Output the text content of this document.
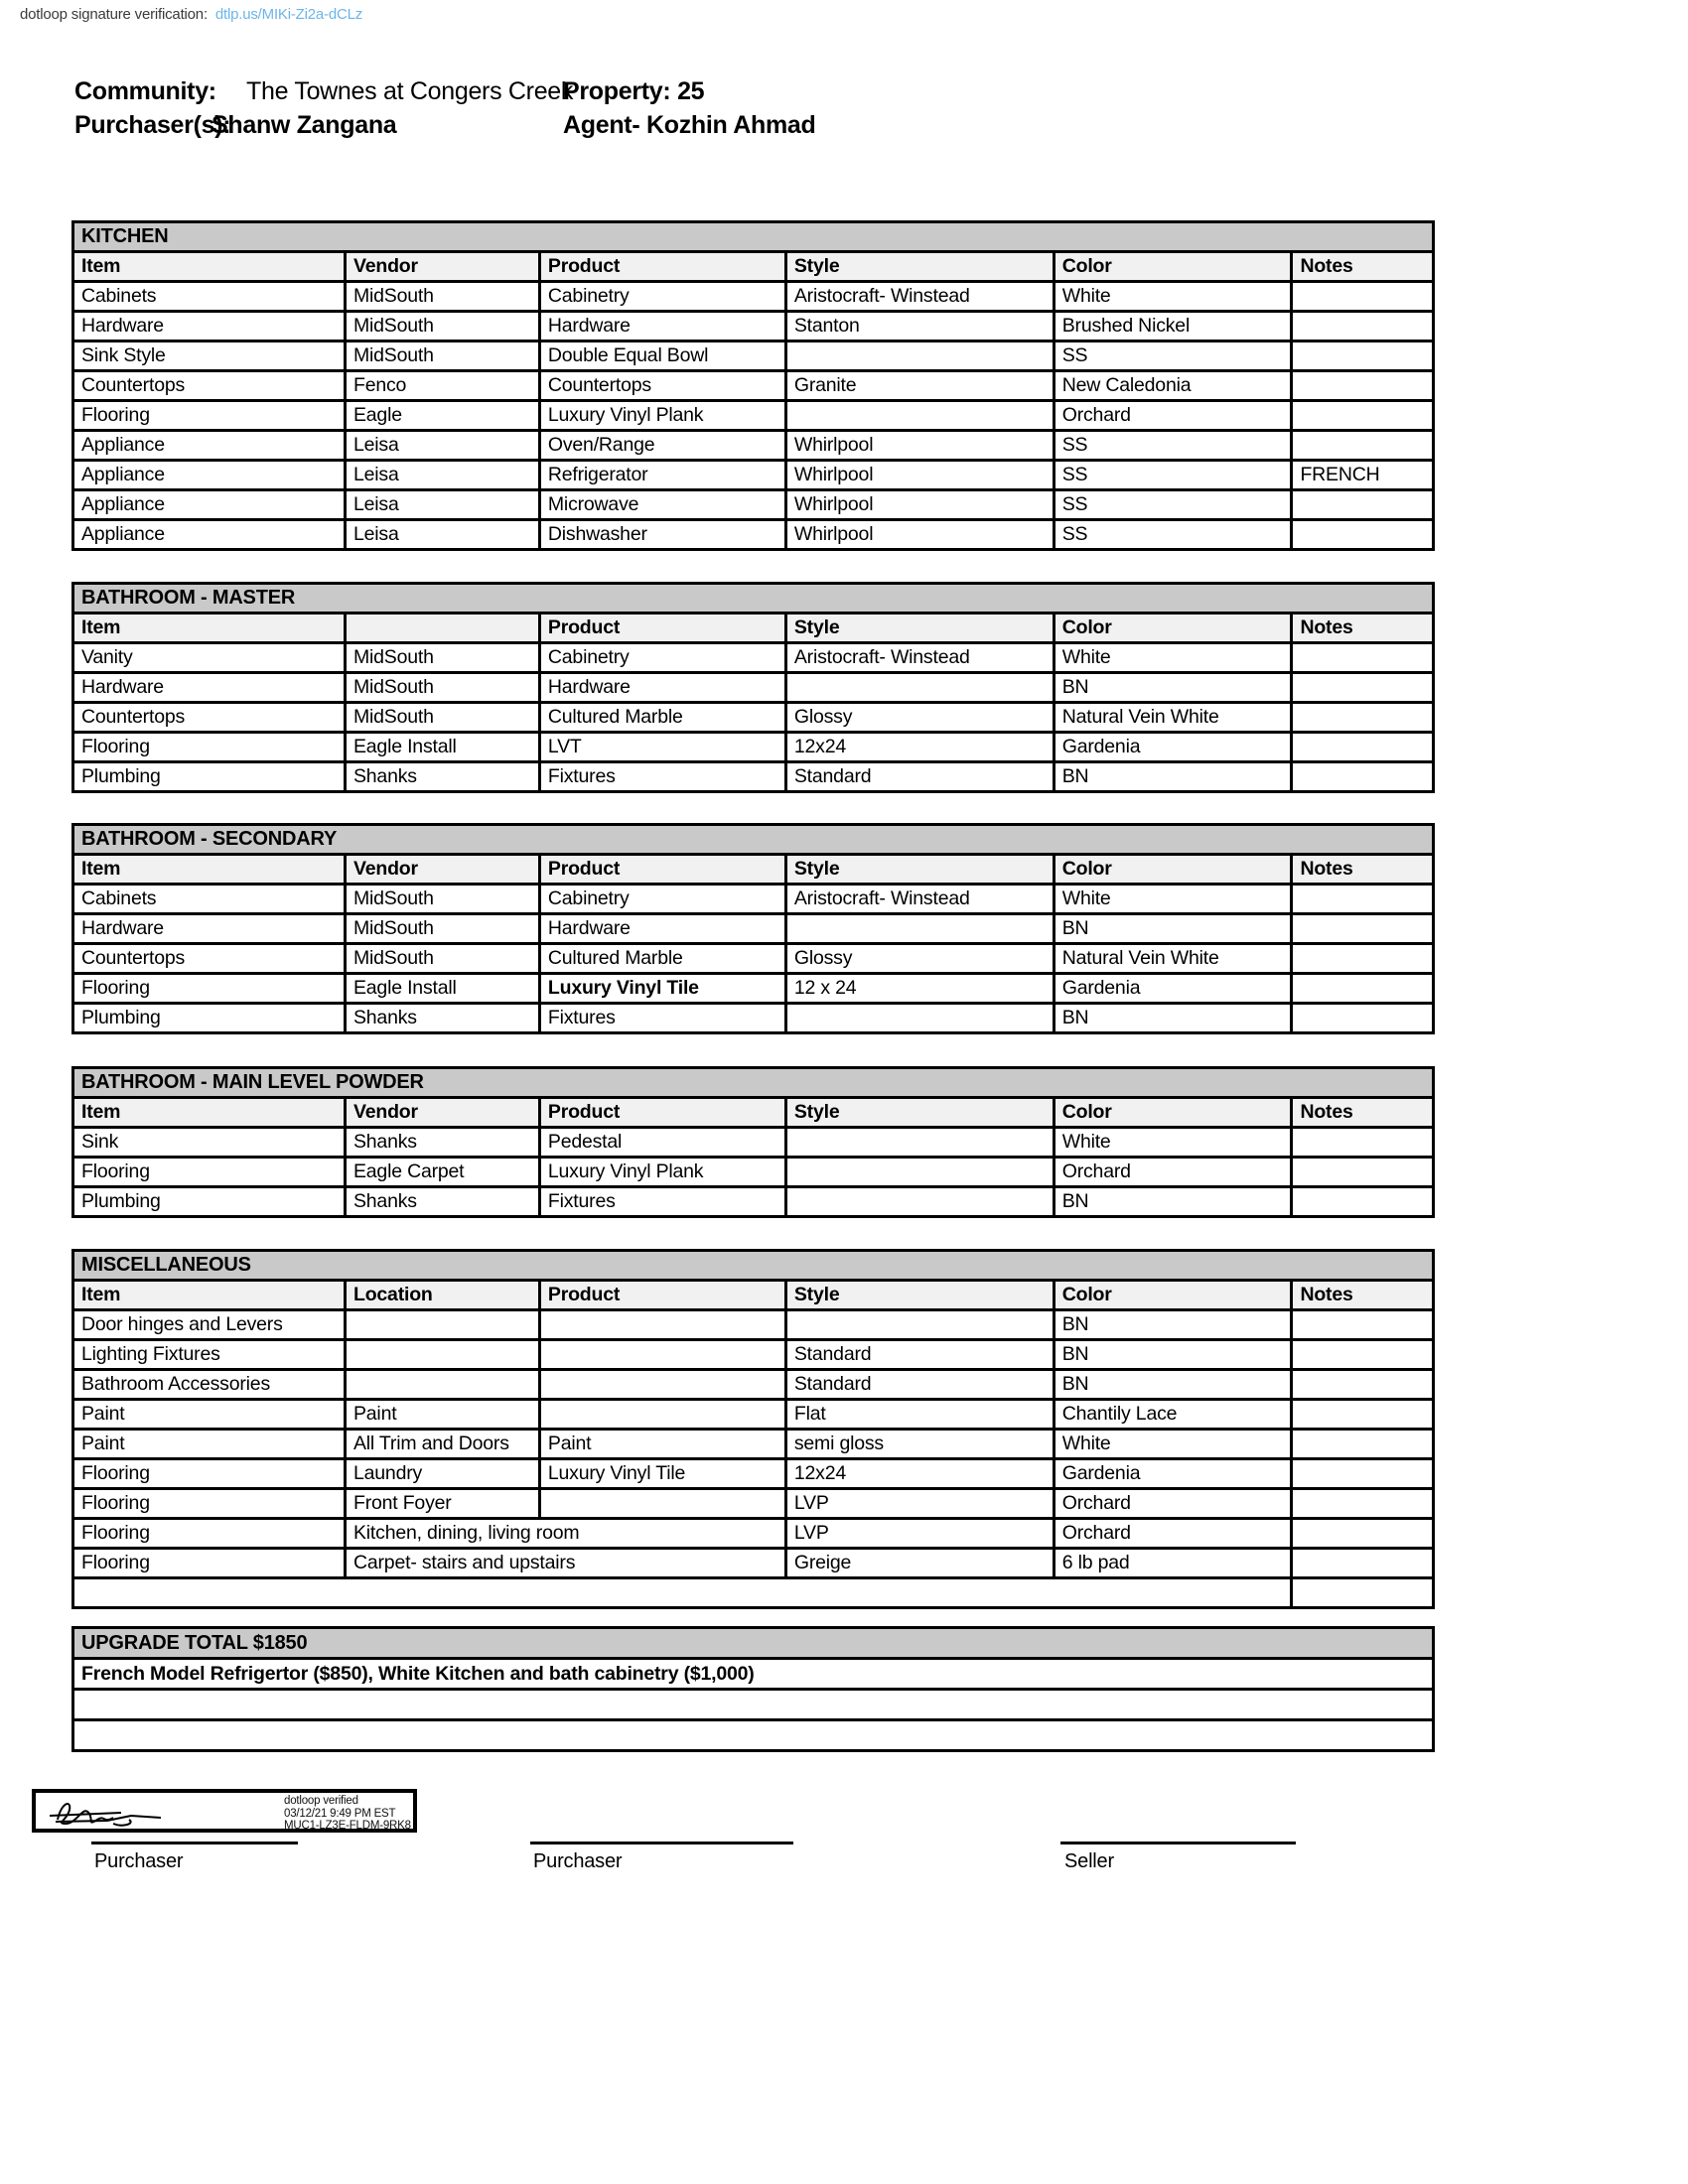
dotloop signature verification: dtlp.us/MIKi-Zi2a-dCLz
Community: The Townes at Congers Creek
Property: 25
Purchaser(s):
Shanw Zangana	Agent- Kozhin Ahmad
KITCHEN					
Item	Vendor	Product	Style	Color	Notes
Cabinets	MidSouth	Cabinetry	Aristocraft- Winstead	White	
Hardware	MidSouth	Hardware	Stanton	Brushed Nickel	
Sink Style	MidSouth	Double Equal Bowl		SS	
Countertops	Fenco	Countertops	Granite	New Caledonia	
Flooring	Eagle	Luxury Vinyl Plank		Orchard	
Appliance	Leisa	Oven/Range	Whirlpool	SS	
Appliance	Leisa	Refrigerator	Whirlpool	SS	FRENCH
Appliance	Leisa	Microwave	Whirlpool	SS	
Appliance	Leisa	Dishwasher	Whirlpool	SS	
BATHROOM - MASTER					
Item		Product	Style	Color	Notes
Vanity	MidSouth	Cabinetry	Aristocraft- Winstead	White	
Hardware	MidSouth	Hardware		BN	
Countertops	MidSouth	Cultured Marble	Glossy	Natural Vein White	
Flooring	Eagle Install	LVT	12x24	Gardenia	
Plumbing	Shanks	Fixtures	Standard	BN	
BATHROOM - SECONDARY					
Item	Vendor	Product	Style	Color	Notes
Cabinets	MidSouth	Cabinetry	Aristocraft- Winstead	White	
Hardware	MidSouth	Hardware		BN	
Countertops	MidSouth	Cultured Marble	Glossy	Natural Vein White	
Flooring	Eagle Install	Luxury Vinyl Tile	12 x 24	Gardenia	
Plumbing	Shanks	Fixtures		BN	
BATHROOM - MAIN LEVEL POWDER					
Item	Vendor	Product	Style	Color	Notes
Sink	Shanks	Pedestal		White	
Flooring	Eagle Carpet	Luxury Vinyl Plank		Orchard	
Plumbing	Shanks	Fixtures		BN	
MISCELLANEOUS					
Item	Location	Product	Style	Color	Notes
Door hinges and Levers				BN	
Lighting Fixtures			Standard	BN	
Bathroom Accessories			Standard	BN	
Paint	Paint		Flat	Chantily Lace	
Paint	All Trim and Doors	Paint	semi gloss	White	
Flooring	Laundry	Luxury Vinyl Tile	12x24	Gardenia	
Flooring	Front Foyer		LVP	Orchard	
Flooring	Kitchen, dining, living room		LVP	Orchard	
Flooring	Carpet- stairs and upstairs		Greige	6 lb pad	

UPGRADE TOTAL $1850
French Model Refrigertor ($850), White Kitchen and bath cabinetry ($1,000)

dotloop verified
03/12/21 9:49 PM EST
MUC1-LZ3E-FLDM-9RK8
Purchaser	Purchaser	Seller
